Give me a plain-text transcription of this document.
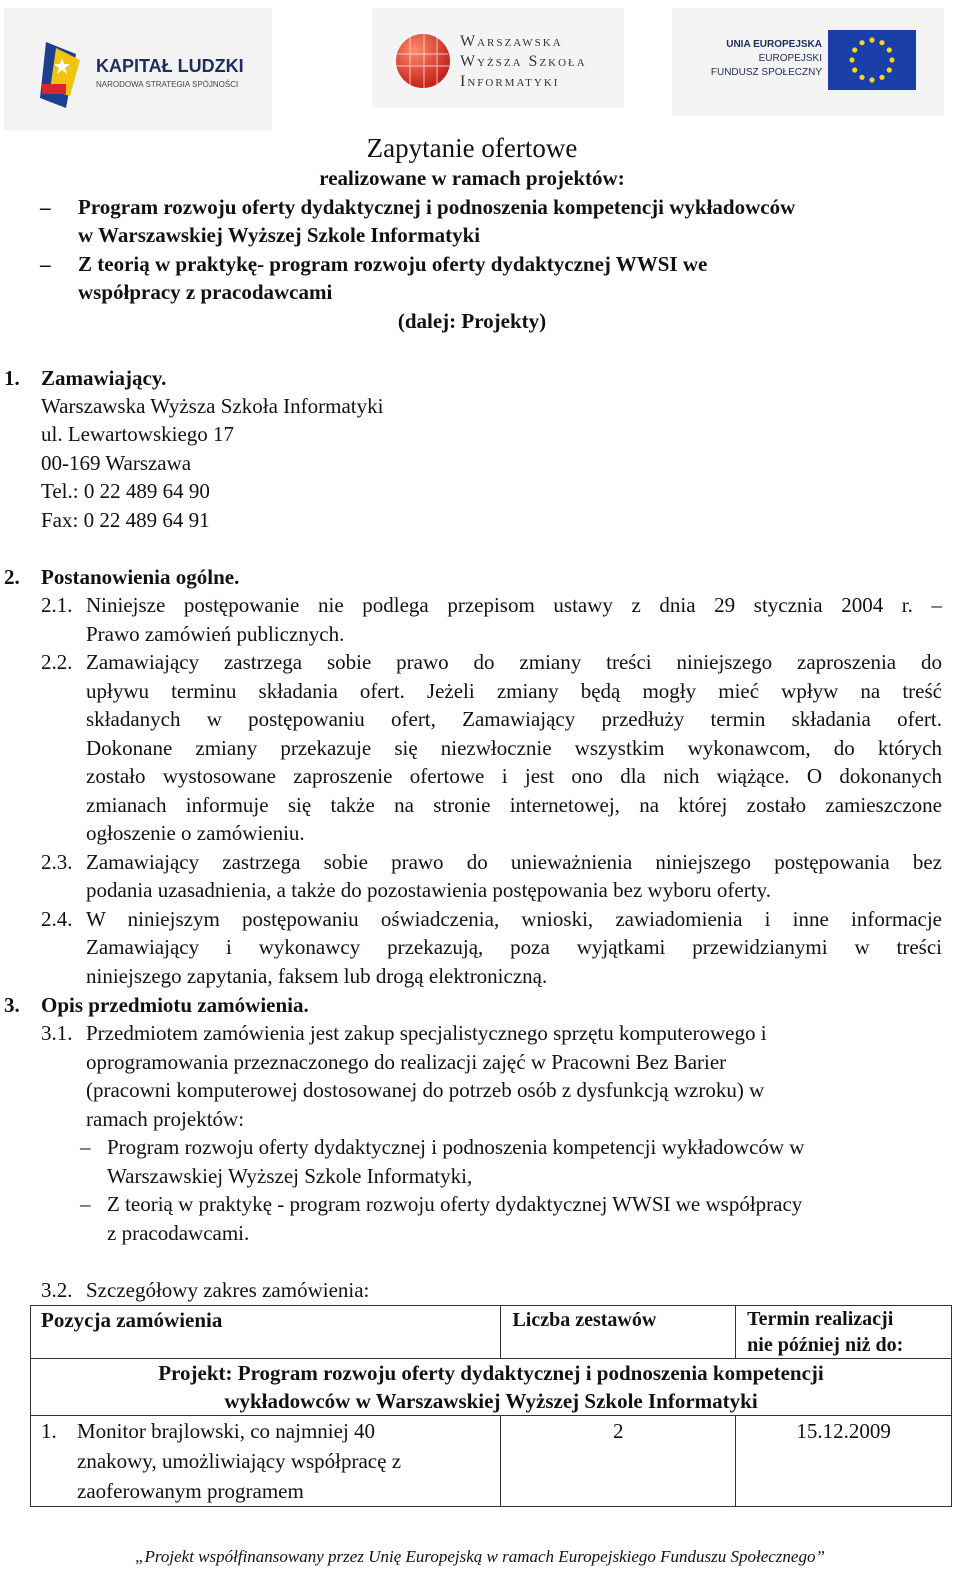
KAPITAŁ LUDZKI
NARODOWA STRATEGIA SPÓJNOŚCI
Warszawska
Wyższa Szkoła
Informatyki
UNIA EUROPEJSKA
EUROPEJSKI
FUNDUSZ SPOŁECZNY
Zapytanie ofertowe
realizowane w ramach projektów:
– Program rozwoju oferty dydaktycznej i podnoszenia kompetencji wykładowców
w Warszawskiej Wyższej Szkole Informatyki
– Z teorią w praktykę- program rozwoju oferty dydaktycznej WWSI we
współpracy z pracodawcami
(dalej: Projekty)
1. Zamawiający.
Warszawska Wyższa Szkoła Informatyki
ul. Lewartowskiego 17
00-169 Warszawa
Tel.: 0 22 489 64 90
Fax: 0 22 489 64 91
2. Postanowienia ogólne.
2.1. Niniejsze postępowanie nie podlega przepisom ustawy z dnia 29 stycznia 2004 r. –
Prawo zamówień publicznych.
2.2. Zamawiający zastrzega sobie prawo do zmiany treści niniejszego zaproszenia do
upływu terminu składania ofert. Jeżeli zmiany będą mogły mieć wpływ na treść
składanych w postępowaniu ofert, Zamawiający przedłuży termin składania ofert.
Dokonane zmiany przekazuje się niezwłocznie wszystkim wykonawcom, do których
zostało wystosowane zaproszenie ofertowe i jest ono dla nich wiążące. O dokonanych
zmianach informuje się także na stronie internetowej, na której zostało zamieszczone
ogłoszenie o zamówieniu.
2.3. Zamawiający zastrzega sobie prawo do unieważnienia niniejszego postępowania bez
podania uzasadnienia, a także do pozostawienia postępowania bez wyboru oferty.
2.4. W niniejszym postępowaniu oświadczenia, wnioski, zawiadomienia i inne informacje
Zamawiający i wykonawcy przekazują, poza wyjątkami przewidzianymi w treści
niniejszego zapytania, faksem lub drogą elektroniczną.
3. Opis przedmiotu zamówienia.
3.1. Przedmiotem zamówienia jest zakup specjalistycznego sprzętu komputerowego i
oprogramowania przeznaczonego do realizacji zajęć w Pracowni Bez Barier
(pracowni komputerowej dostosowanej do potrzeb osób z dysfunkcją wzroku) w
ramach projektów:
– Program rozwoju oferty dydaktycznej i podnoszenia kompetencji wykładowców w
Warszawskiej Wyższej Szkole Informatyki,
– Z teorią w praktykę - program rozwoju oferty dydaktycznej WWSI we współpracy
z pracodawcami.
3.2. Szczegółowy zakres zamówienia:
Pozycja zamówienia	Liczba zestawów	Termin realizacji
nie później niż do:

Projekt: Program rozwoju oferty dydaktycznej i podnoszenia kompetencji
wykładowców w Warszawskiej Wyższej Szkole Informatyki		

1. Monitor brajlowski, co najmniej 40
znakowy, umożliwiający współpracę z
zaoferowanym programem	2	15.12.2009
„Projekt współfinansowany przez Unię Europejską w ramach Europejskiego Funduszu Społecznego”
